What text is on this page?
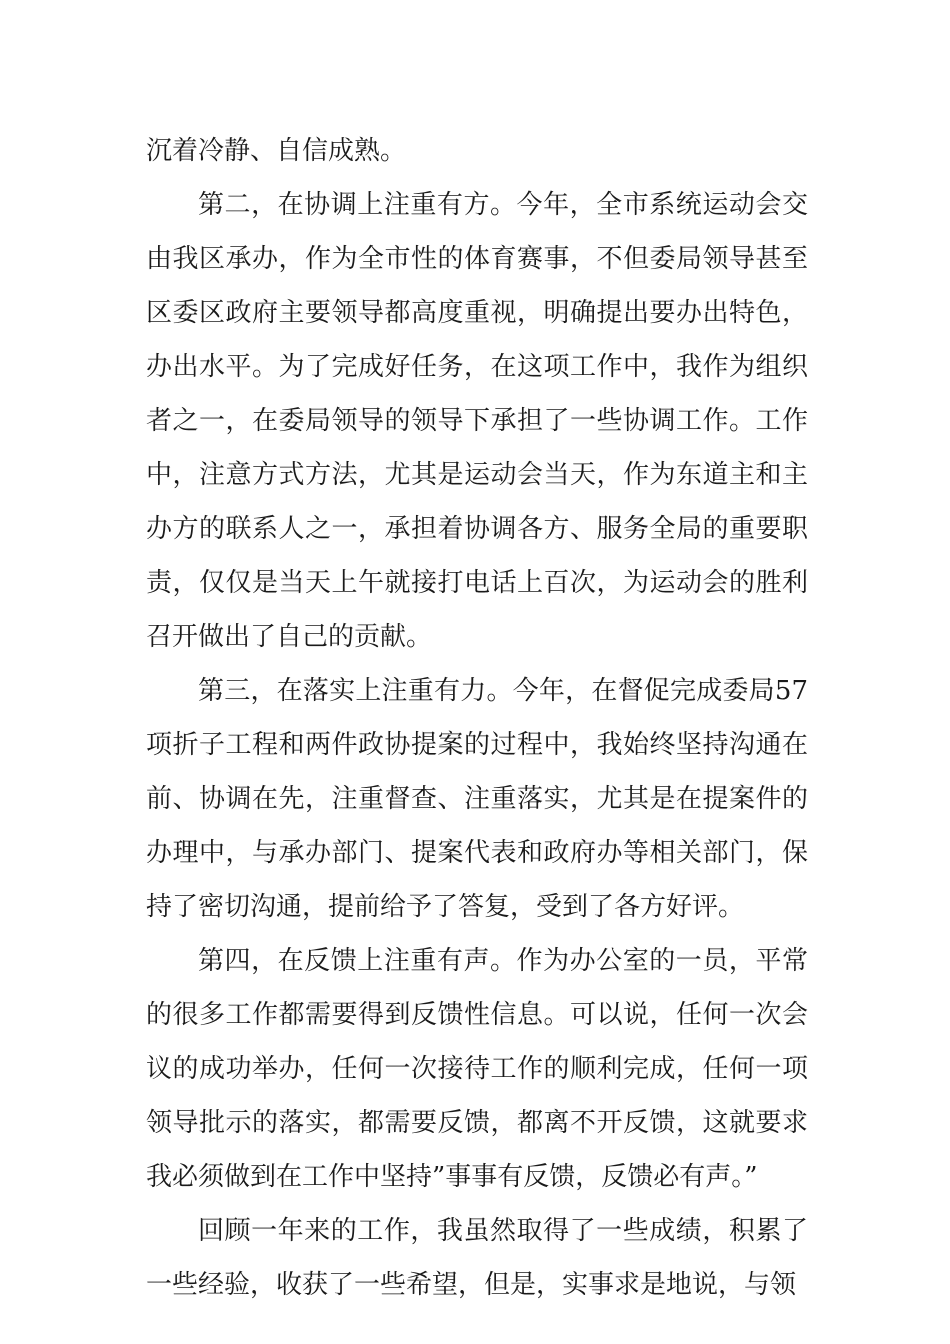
沉着冷静、自信成熟。

第二，在协调上注重有方。今年，全市系统运动会交由我区承办，作为全市性的体育赛事，不但委局领导甚至区委区政府主要领导都高度重视，明确提出要办出特色，办出水平。为了完成好任务，在这项工作中，我作为组织者之一，在委局领导的领导下承担了一些协调工作。工作中，注意方式方法，尤其是运动会当天，作为东道主和主办方的联系人之一，承担着协调各方、服务全局的重要职责，仅仅是当天上午就接打电话上百次，为运动会的胜利召开做出了自己的贡献。

第三，在落实上注重有力。今年，在督促完成委局57项折子工程和两件政协提案的过程中，我始终坚持沟通在前、协调在先，注重督查、注重落实，尤其是在提案件的办理中，与承办部门、提案代表和政府办等相关部门，保持了密切沟通，提前给予了答复，受到了各方好评。

第四，在反馈上注重有声。作为办公室的一员，平常的很多工作都需要得到反馈性信息。可以说，任何一次会议的成功举办，任何一次接待工作的顺利完成，任何一项领导批示的落实，都需要反馈，都离不开反馈，这就要求我必须做到在工作中坚持”事事有反馈，反馈必有声。”

回顾一年来的工作，我虽然取得了一些成绩，积累了一些经验，收获了一些希望，但是，实事求是地说，与领
